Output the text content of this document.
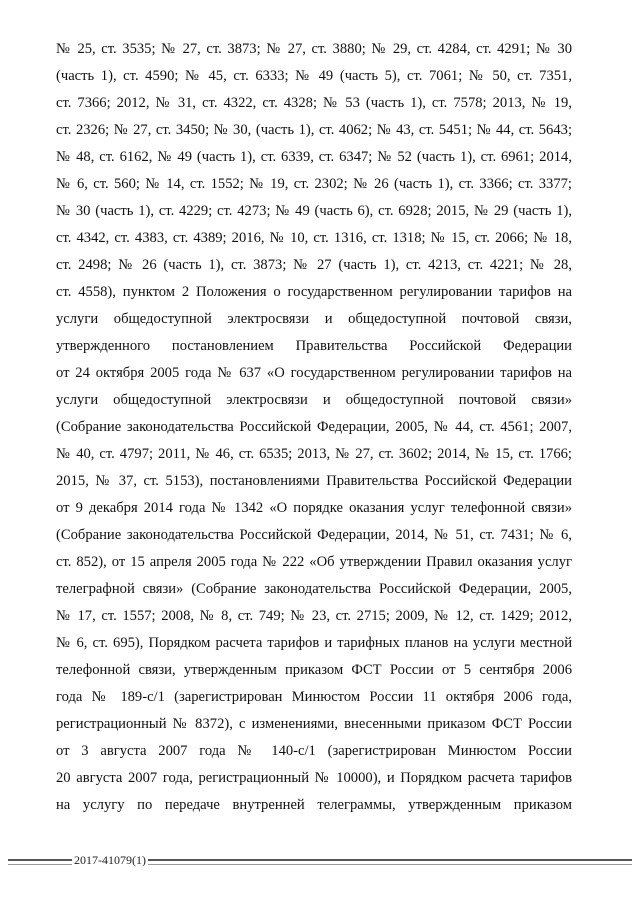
№ 25, ст. 3535; № 27, ст. 3873; № 27, ст. 3880; № 29, ст. 4284, ст. 4291; № 30
(часть 1), ст. 4590; № 45, ст. 6333; № 49 (часть 5), ст. 7061; № 50, ст. 7351,
ст. 7366; 2012, № 31, ст. 4322, ст. 4328; № 53 (часть 1), ст. 7578; 2013, № 19,
ст. 2326; № 27, ст. 3450; № 30, (часть 1), ст. 4062; № 43, ст. 5451; № 44, ст. 5643;
№ 48, ст. 6162, № 49 (часть 1), ст. 6339, ст. 6347; № 52 (часть 1), ст. 6961; 2014,
№ 6, ст. 560; № 14, ст. 1552; № 19, ст. 2302; № 26 (часть 1), ст. 3366; ст. 3377;
№ 30 (часть 1), ст. 4229; ст. 4273; № 49 (часть 6), ст. 6928; 2015, № 29 (часть 1),
ст. 4342, ст. 4383, ст. 4389; 2016, № 10, ст. 1316, ст. 1318; № 15, ст. 2066; № 18,
ст. 2498; № 26 (часть 1), ст. 3873; № 27 (часть 1), ст. 4213, ст. 4221; № 28,
ст. 4558), пунктом 2 Положения о государственном регулировании тарифов на
услуги общедоступной электросвязи и общедоступной почтовой связи,
утвержденного постановлением Правительства Российской Федерации
от 24 октября 2005 года № 637 «О государственном регулировании тарифов на
услуги общедоступной электросвязи и общедоступной почтовой связи»
(Собрание законодательства Российской Федерации, 2005, № 44, ст. 4561; 2007,
№ 40, ст. 4797; 2011, № 46, ст. 6535; 2013, № 27, ст. 3602; 2014, № 15, ст. 1766;
2015, № 37, ст. 5153), постановлениями Правительства Российской Федерации
от 9 декабря 2014 года № 1342 «О порядке оказания услуг телефонной связи»
(Собрание законодательства Российской Федерации, 2014, № 51, ст. 7431; № 6,
ст. 852), от 15 апреля 2005 года № 222 «Об утверждении Правил оказания услуг
телеграфной связи» (Собрание законодательства Российской Федерации, 2005,
№ 17, ст. 1557; 2008, № 8, ст. 749; № 23, ст. 2715; 2009, № 12, ст. 1429; 2012,
№ 6, ст. 695), Порядком расчета тарифов и тарифных планов на услуги местной
телефонной связи, утвержденным приказом ФСТ России от 5 сентября 2006
года № 189-с/1 (зарегистрирован Минюстом России 11 октября 2006 года,
регистрационный № 8372), с изменениями, внесенными приказом ФСТ России
от 3 августа 2007 года № 140-с/1 (зарегистрирован Минюстом России
20 августа 2007 года, регистрационный № 10000), и Порядком расчета тарифов
на услугу по передаче внутренней телеграммы, утвержденным приказом
2017-41079(1)
